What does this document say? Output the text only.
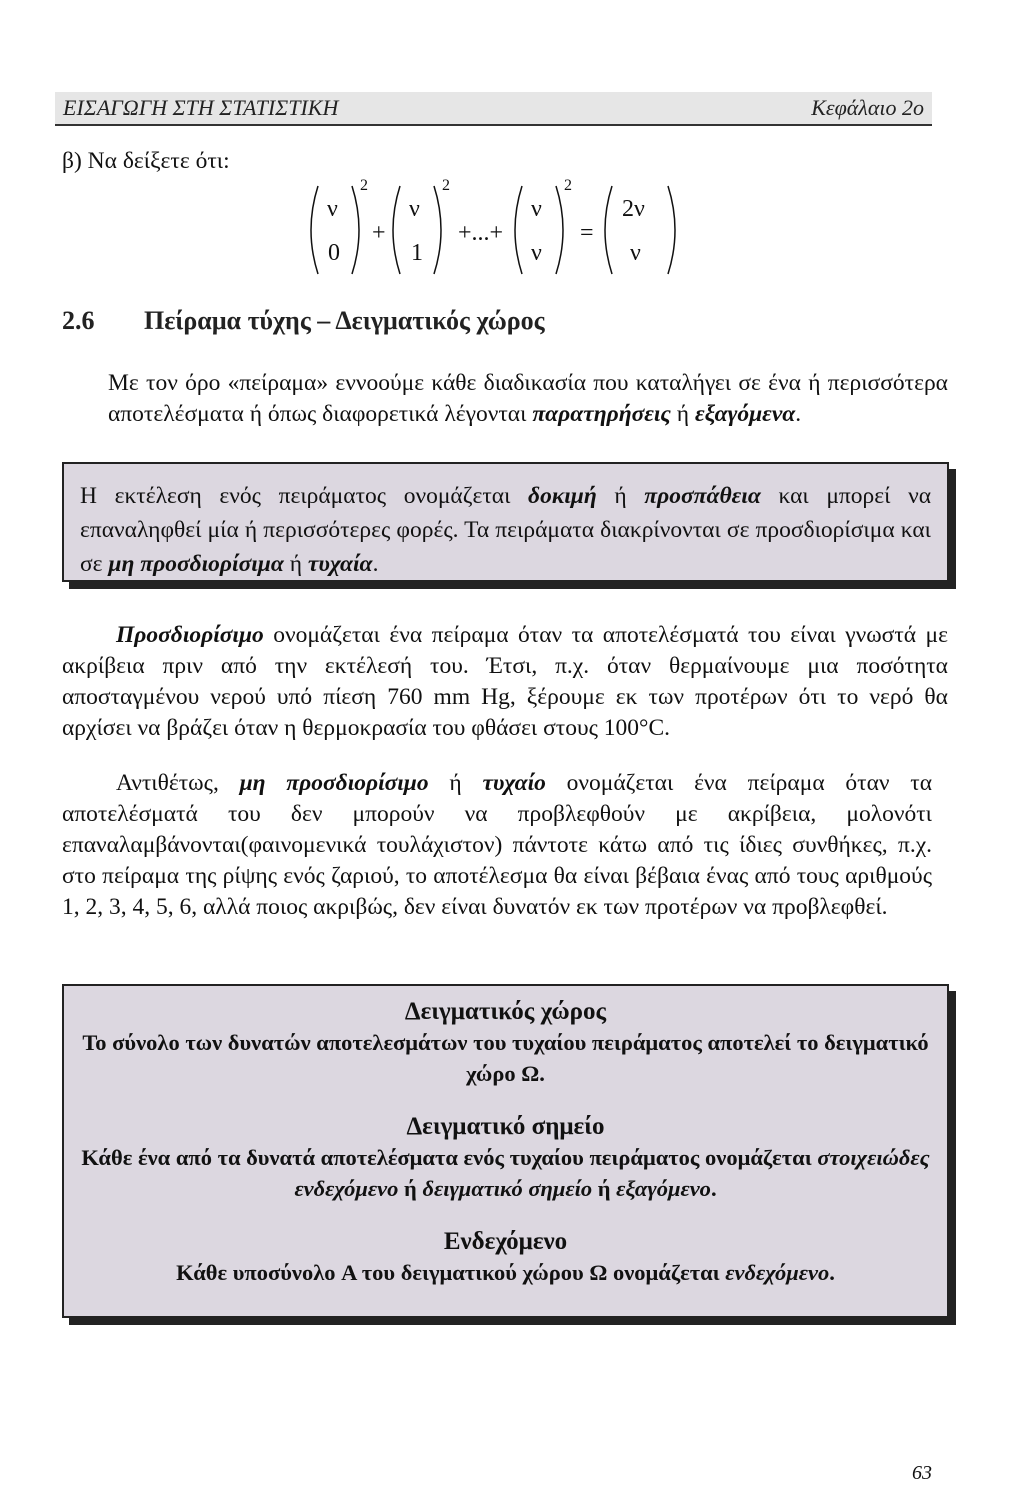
ΕΙΣΑΓΩΓΗ ΣΤΗ ΣΤΑΤΙΣΤΙΚΗ	Κεφάλαιο 2ο
β) Να δείξετε ότι:
ν
0
2
+
ν
1
2
+...+
ν
ν
2
=
2ν
ν
2.6 Πείραμα τύχης – Δειγματικός χώρος
Με τον όρο «πείραμα» εννοούμε κάθε διαδικασία που καταλήγει σε ένα ή περισσότερα αποτελέσματα ή όπως διαφορετικά λέγονται παρατηρήσεις ή εξαγόμενα.
Η εκτέλεση ενός πειράματος ονομάζεται δοκιμή ή προσπάθεια και μπορεί να επαναληφθεί μία ή περισσότερες φορές. Τα πειράματα διακρίνονται σε προσδιορίσιμα και σε μη προσδιορίσιμα ή τυχαία.
Προσδιορίσιμο ονομάζεται ένα πείραμα όταν τα αποτελέσματά του είναι γνωστά με ακρίβεια πριν από την εκτέλεσή του. Έτσι, π.χ. όταν θερμαίνουμε μια ποσότητα αποσταγμένου νερού υπό πίεση 760 mm Hg, ξέρουμε εκ των προτέρων ότι το νερό θα αρχίσει να βράζει όταν η θερμοκρασία του φθάσει στους 100°C.
Αντιθέτως, μη προσδιορίσιμο ή τυχαίο ονομάζεται ένα πείραμα όταν τα αποτελέσματά του δεν μπορούν να προβλεφθούν με ακρίβεια, μολονότι επαναλαμβάνονται(φαινομενικά τουλάχιστον) πάντοτε κάτω από τις ίδιες συνθήκες, π.χ. στο πείραμα της ρίψης ενός ζαριού, το αποτέλεσμα θα είναι βέβαια ένας από τους αριθμούς 1, 2, 3, 4, 5, 6, αλλά ποιος ακριβώς, δεν είναι δυνατόν εκ των προτέρων να προβλεφθεί.
Δειγματικός χώρος
Το σύνολο των δυνατών αποτελεσμάτων του τυχαίου πειράματος αποτελεί το δειγματικό χώρο Ω.
Δειγματικό σημείο
Κάθε ένα από τα δυνατά αποτελέσματα ενός τυχαίου πειράματος ονομάζεται στοιχειώδες ενδεχόμενο ή δειγματικό σημείο ή εξαγόμενο.
Ενδεχόμενο
Κάθε υποσύνολο A του δειγματικού χώρου Ω ονομάζεται ενδεχόμενο.
63
